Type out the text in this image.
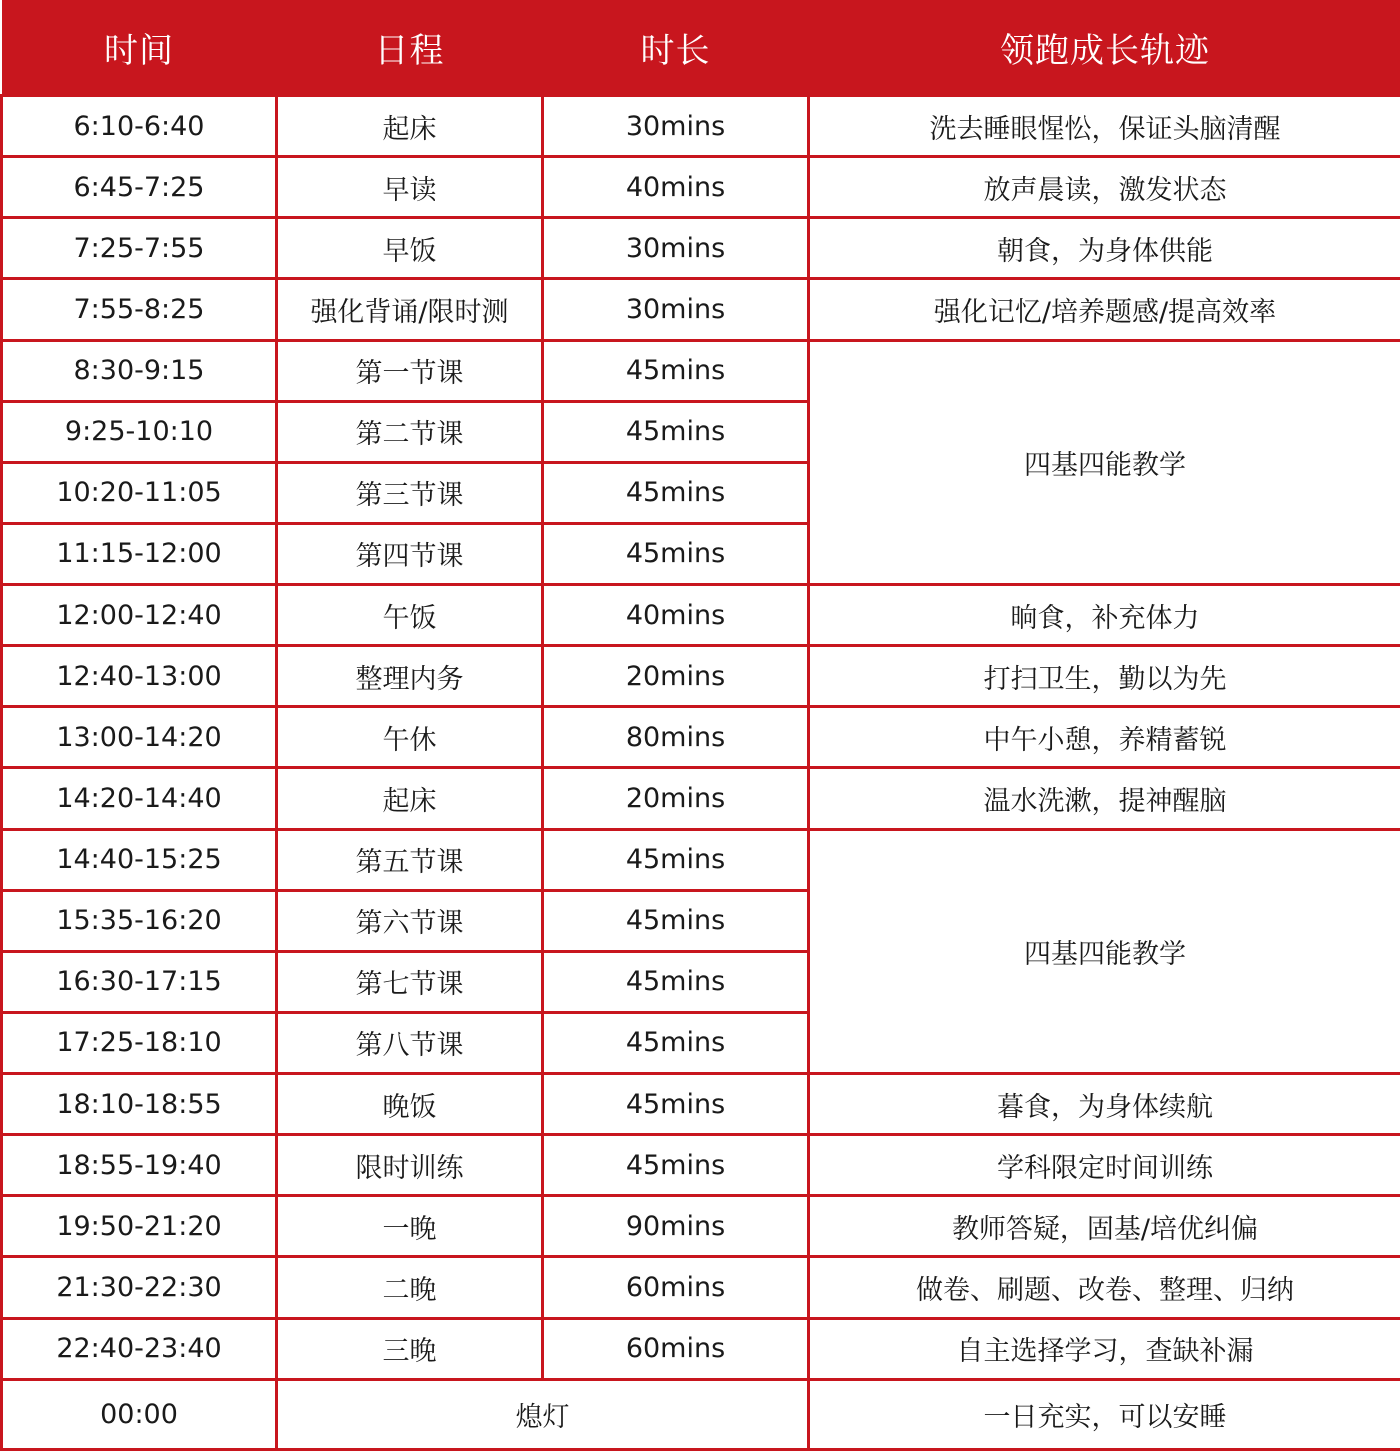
时间	日程	时长	领跑成长轨迹
6:10-6:40	起床	30mins	洗去睡眼惺忪，保证头脑清醒
6:45-7:25	早读	40mins	放声晨读，激发状态
7:25-7:55	早饭	30mins	朝食，为身体供能
7:55-8:25	强化背诵/限时测	30mins	强化记忆/培养题感/提高效率
8:30-9:15	第一节课	45mins	四基四能教学
9:25-10:10	第二节课	45mins	
10:20-11:05	第三节课	45mins	
11:15-12:00	第四节课	45mins	
12:00-12:40	午饭	40mins	晌食，补充体力
12:40-13:00	整理内务	20mins	打扫卫生，勤以为先
13:00-14:20	午休	80mins	中午小憩，养精蓄锐
14:20-14:40	起床	20mins	温水洗漱，提神醒脑
14:40-15:25	第五节课	45mins	四基四能教学
15:35-16:20	第六节课	45mins	
16:30-17:15	第七节课	45mins	
17:25-18:10	第八节课	45mins	
18:10-18:55	晚饭	45mins	暮食，为身体续航
18:55-19:40	限时训练	45mins	学科限定时间训练
19:50-21:20	一晚	90mins	教师答疑，固基/培优纠偏
21:30-22:30	二晚	60mins	做卷、刷题、改卷、整理、归纳
22:40-23:40	三晚	60mins	自主选择学习，查缺补漏
00:00	熄灯		一日充实，可以安睡
